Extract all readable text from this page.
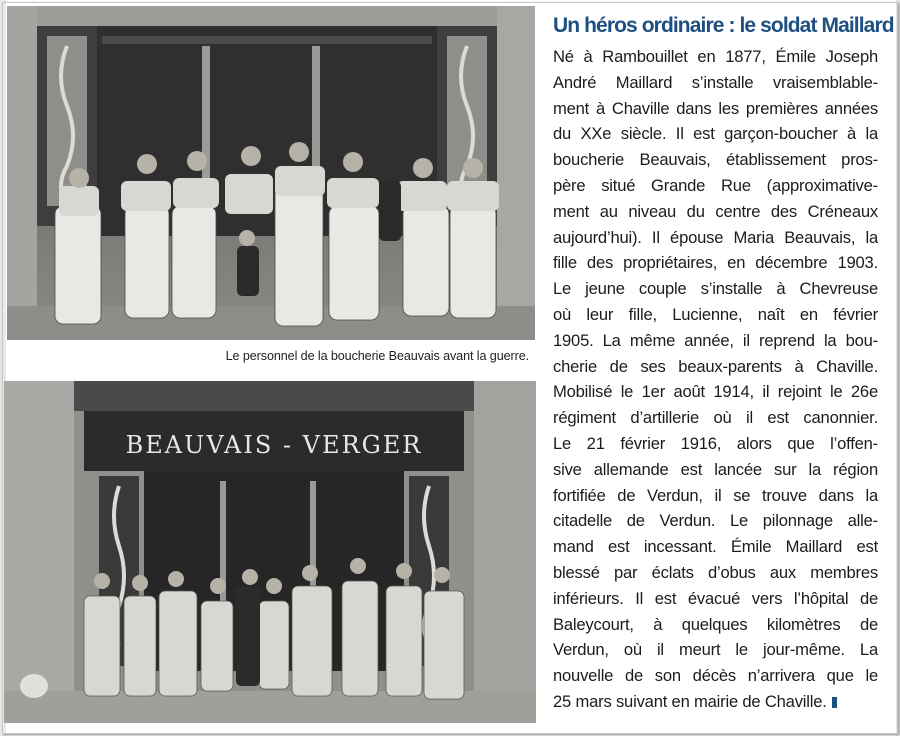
Le personnel de la boucherie Beauvais avant la guerre.
BEAUVAIS - VERGER
Un héros ordinaire : le soldat Maillard
Né à Rambouillet en 1877, Émile Joseph
André Maillard s’installe vraisemblable-
ment à Chaville dans les premières années
du XXe siècle. Il est garçon-boucher à la
boucherie Beauvais, établissement pros-
père situé Grande Rue (approximative-
ment au niveau du centre des Créneaux
aujourd’hui). Il épouse Maria Beauvais, la
fille des propriétaires, en décembre 1903.
Le jeune couple s’installe à Chevreuse
où leur fille, Lucienne, naît en février
1905. La même année, il reprend la bou-
cherie de ses beaux-parents à Chaville.
Mobilisé le 1er août 1914, il rejoint le 26e
régiment d’artillerie où il est canonnier.
Le 21 février 1916, alors que l’offen-
sive allemande est lancée sur la région
fortifiée de Verdun, il se trouve dans la
citadelle de Verdun. Le pilonnage alle-
mand est incessant. Émile Maillard est
blessé par éclats d’obus aux membres
inférieurs. Il est évacué vers l’hôpital de
Baleycourt, à quelques kilomètres de
Verdun, où il meurt le jour-même. La
nouvelle de son décès n’arrivera que le
25 mars suivant en mairie de Chaville.
